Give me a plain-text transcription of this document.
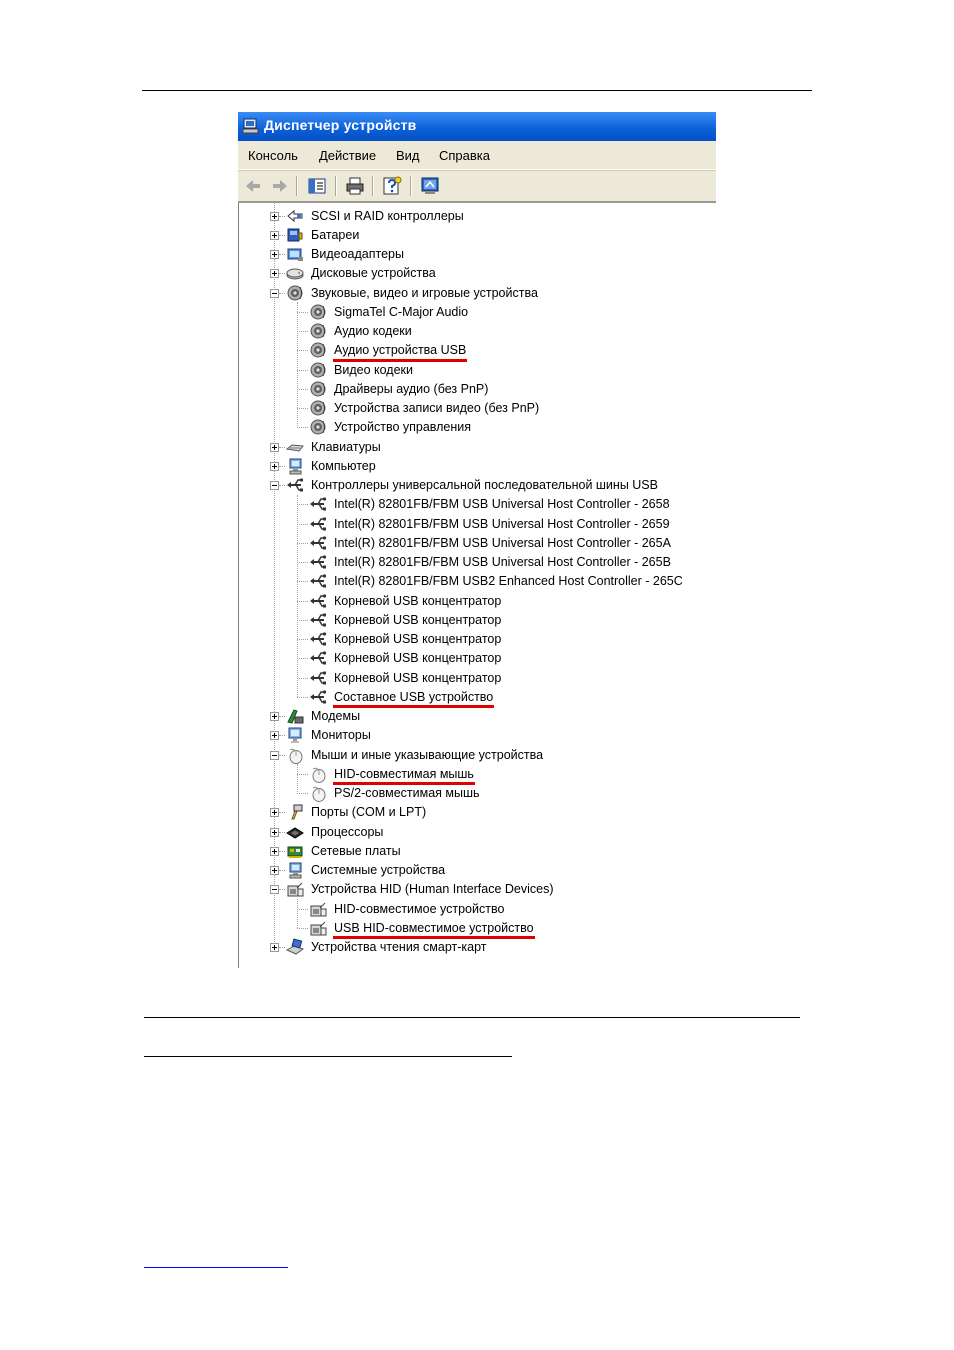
Диспетчер устройств
Консоль Действие Вид Справка
SCSI и RAID контроллеры
Батареи
Видеоадаптеры
Дисковые устройства
Звуковые, видео и игровые устройства
SigmaTel C-Major Audio
Аудио кодеки
Аудио устройства USB
Видео кодеки
Драйверы аудио (без PnP)
Устройства записи видео (без PnP)
Устройство управления
Клавиатуры
Компьютер
Контроллеры универсальной последовательной шины USB
Intel(R) 82801FB/FBM USB Universal Host Controller - 2658
Intel(R) 82801FB/FBM USB Universal Host Controller - 2659
Intel(R) 82801FB/FBM USB Universal Host Controller - 265A
Intel(R) 82801FB/FBM USB Universal Host Controller - 265B
Intel(R) 82801FB/FBM USB2 Enhanced Host Controller - 265C
Корневой USB концентратор
Корневой USB концентратор
Корневой USB концентратор
Корневой USB концентратор
Корневой USB концентратор
Составное USB устройство
Модемы
Мониторы
Мыши и иные указывающие устройства
HID-совместимая мышь
PS/2-совместимая мышь
Порты (COM и LPT)
Процессоры
Сетевые платы
Системные устройства
Устройства HID (Human Interface Devices)
HID-совместимое устройство
USB HID-совместимое устройство
Устройства чтения смарт-карт
